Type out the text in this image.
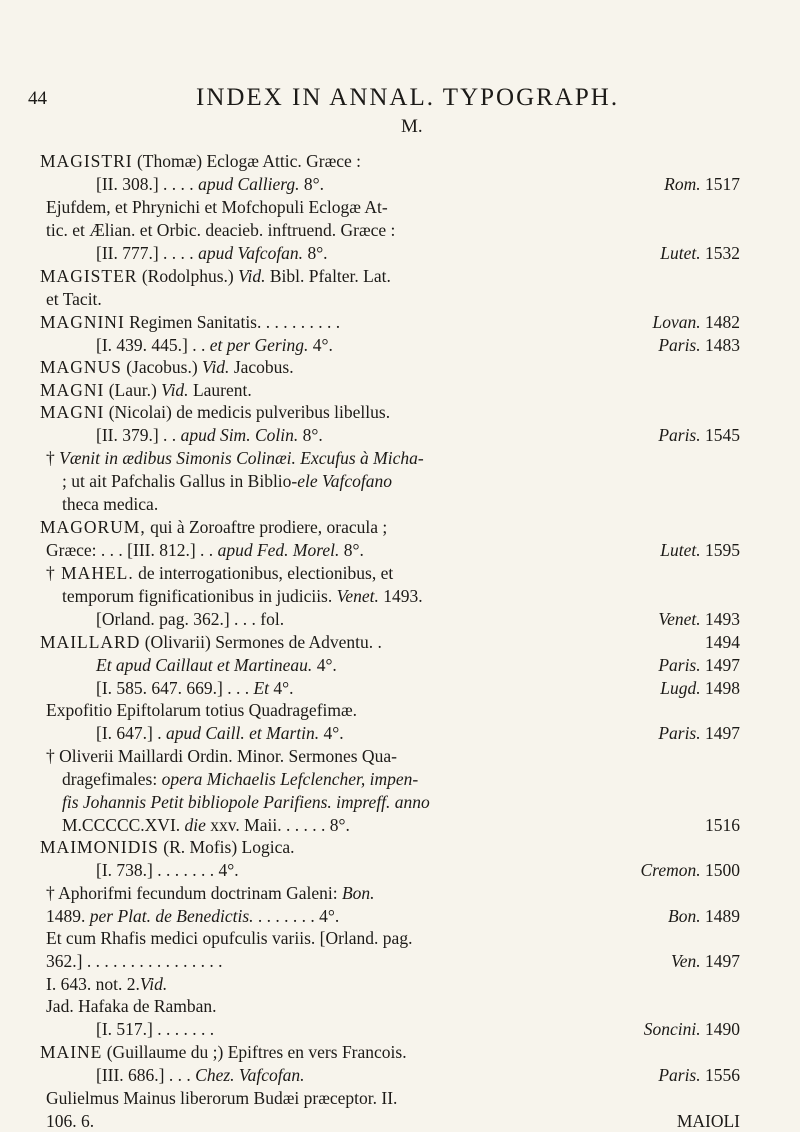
44	INDEX IN ANNAL. TYPOGRAPH.
M.
MAGISTRI (Thomæ) Eclogæ Attic. Græce :
[II. 308.] . . . . apud Callierg. 8°.	Rom. 1517
Ejufdem, et Phrynichi et Mofchopuli Eclogæ At-
tic. et Ælian. et Orbic. deacieb. inftruend. Græce :
[II. 777.] . . . . apud Vafcofan. 8°.	Lutet. 1532
MAGISTER (Rodolphus.) Vid. Bibl. Pfalter. Lat.
et Tacit.
MAGNINI Regimen Sanitatis. . . . . . . . . .	Lovan. 1482
[I. 439. 445.] . . et per Gering. 4°.	Paris. 1483
MAGNUS (Jacobus.) Vid. Jacobus.
MAGNI (Laur.) Vid. Laurent.
MAGNI (Nicolai) de medicis pulveribus libellus.
[II. 379.] . . apud Sim. Colin. 8°.	Paris. 1545
† Vænit in ædibus Simonis Colinæi. Excufus à Micha-
; ut ait Pafchalis Gallus in Biblio-ele Vafcofano
theca medica.
MAGORUM, qui à Zoroaftre prodiere, oracula ;
Græce: . . . [III. 812.] . . apud Fed. Morel. 8°.	Lutet. 1595
† MAHEL. de interrogationibus, electionibus, et
temporum fignificationibus in judiciis. Venet. 1493.
[Orland. pag. 362.] . . . fol.	Venet. 1493
MAILLARD (Olivarii) Sermones de Adventu. .	1494
Et apud Caillaut et Martineau. 4°.	Paris. 1497
[I. 585. 647. 669.] . . . Et 4°.	Lugd. 1498
Expofitio Epiftolarum totius Quadragefimæ.
[I. 647.] . apud Caill. et Martin. 4°.	Paris. 1497
† Oliverii Maillardi Ordin. Minor. Sermones Qua-
dragefimales: opera Michaelis Lefclencher, impen-
fis Johannis Petit bibliopole Parifiens. impreff. anno
M.CCCCC.XVI. die xxv. Maii. . . . . . 8°.	1516
MAIMONIDIS (R. Mofis) Logica.
[I. 738.] . . . . . . . 4°.	Cremon. 1500
† Aphorifmi fecundum doctrinam Galeni: Bon.
1489. per Plat. de Benedictis. . . . . . . . 4°.	Bon. 1489
Et cum Rhafis medici opufculis variis. [Orland. pag.
362.] . . . . . . . . . . . . . . . .	Ven. 1497
I. 643. not. 2.Vid.
Jad. Hafaka de Ramban.
[I. 517.] . . . . . . .	Soncini. 1490
MAINE (Guillaume du ;) Epiftres en vers Francois.
[III. 686.] . . . Chez. Vafcofan.	Paris. 1556
Gulielmus Mainus liberorum Budæi præceptor. II.
106. 6.	MAIOLI
